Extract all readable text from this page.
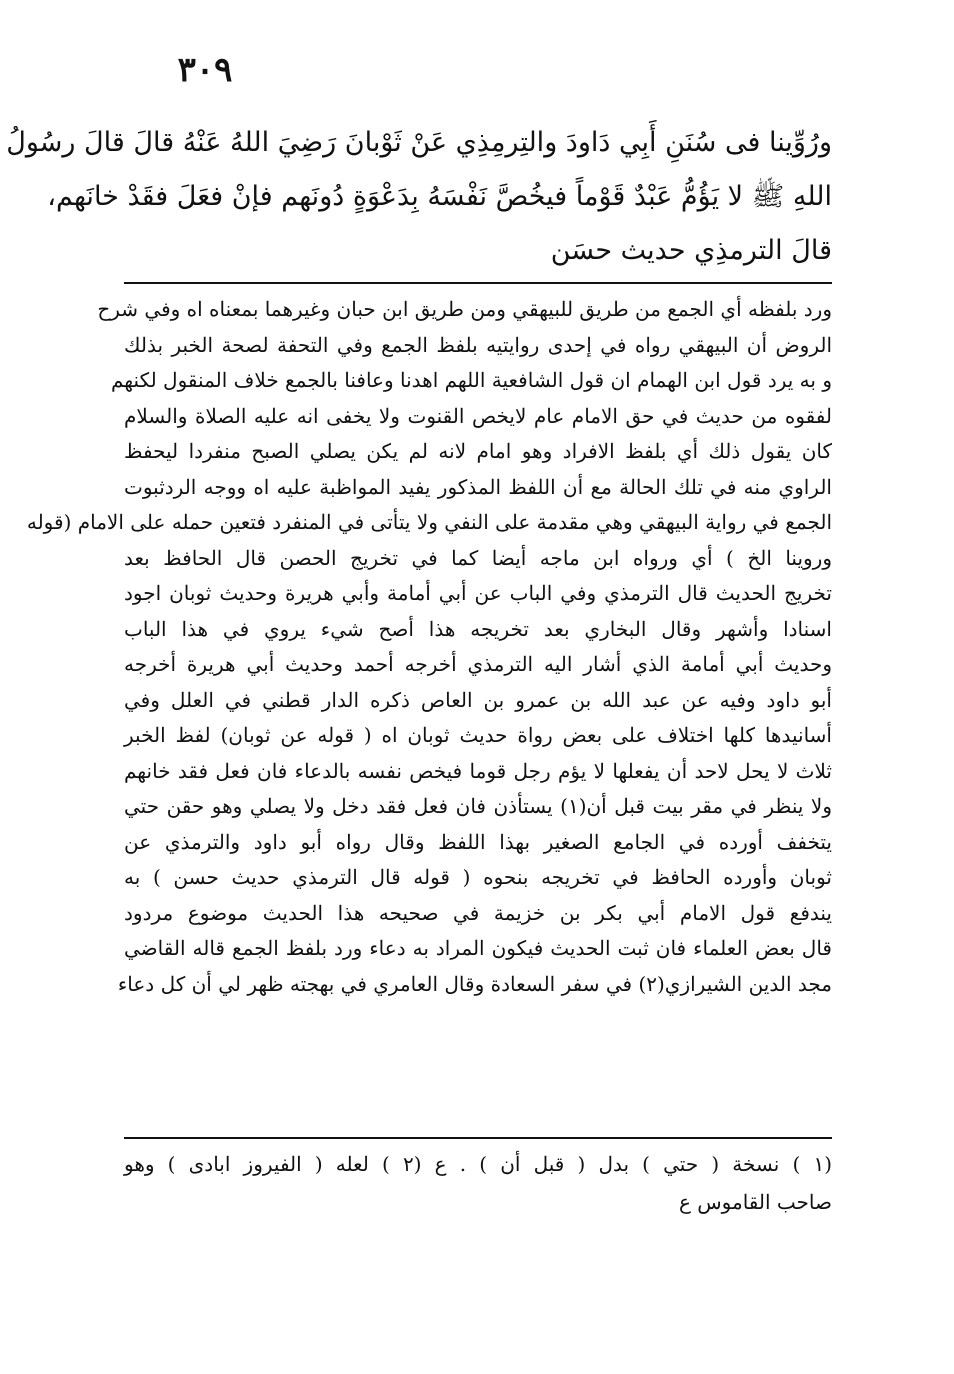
٣٠٩
ورُوِّينا فى سُنَنِ أَبِي دَاودَ والتِرمِذِي عَنْ ثَوْبانَ رَضِيَ اللهُ عَنْهُ قالَ قالَ رسُولُ
اللهِ ﷺ لا يَؤُمُّ عَبْدٌ قَوْماً فيخُصَّ نَفْسَهُ بِدَعْوَةٍ دُونَهم فإنْ فعَلَ فقَدْ خانَهم،
قالَ الترمذِي حديث حسَن
ورد بلفظه أي الجمع من طريق للبيهقي ومن طريق ابن حبان وغيرهما بمعناه اه وفي شرح
الروض أن البيهقي رواه في إحدى روايتيه بلفظ الجمع وفي التحفة لصحة الخبر بذلك
و به يرد قول ابن الهمام ان قول الشافعية اللهم اهدنا وعافنا بالجمع خلاف المنقول لكنهم
لفقوه من حديث في حق الامام عام لايخص القنوت ولا يخفى انه عليه الصلاة والسلام
كان يقول ذلك أي بلفظ الافراد وهو امام لانه لم يكن يصلي الصبح منفردا ليحفظ
الراوي منه في تلك الحالة مع أن اللفظ المذكور يفيد المواظبة عليه اه ووجه الردثبوت
الجمع في رواية البيهقي وهي مقدمة على النفي ولا يتأتى في المنفرد فتعين حمله على الامام (قوله
وروينا الخ ) أي ورواه ابن ماجه أيضا كما في تخريج الحصن قال الحافظ بعد
تخريج الحديث قال الترمذي وفي الباب عن أبي أمامة وأبي هريرة وحديث ثوبان اجود
اسنادا وأشهر وقال البخاري بعد تخريجه هذا أصح شيء يروي في هذا الباب
وحديث أبي أمامة الذي أشار اليه الترمذي أخرجه أحمد وحديث أبي هريرة أخرجه
أبو داود وفيه عن عبد الله بن عمرو بن العاص ذكره الدار قطني في العلل وفي
أسانيدها كلها اختلاف على بعض رواة حديث ثوبان اه ( قوله عن ثوبان) لفظ الخبر
ثلاث لا يحل لاحد أن يفعلها لا يؤم رجل قوما فيخص نفسه بالدعاء فان فعل فقد خانهم
ولا ينظر في مقر بيت قبل أن(١) يستأذن فان فعل فقد دخل ولا يصلي وهو حقن حتي
يتخفف أورده في الجامع الصغير بهذا اللفظ وقال رواه أبو داود والترمذي عن
ثوبان وأورده الحافظ في تخريجه بنحوه ( قوله قال الترمذي حديث حسن ) به
يندفع قول الامام أبي بكر بن خزيمة في صحيحه هذا الحديث موضوع مردود
قال بعض العلماء فان ثبت الحديث فيكون المراد به دعاء ورد بلفظ الجمع قاله القاضي
مجد الدين الشيرازي(٢) في سفر السعادة وقال العامري في بهجته ظهر لي أن كل دعاء
(١ ) نسخة ( حتي ) بدل ( قبل أن ) . ع (٢ ) لعله ( الفيروز ابادى ) وهو
صاحب القاموس ع
